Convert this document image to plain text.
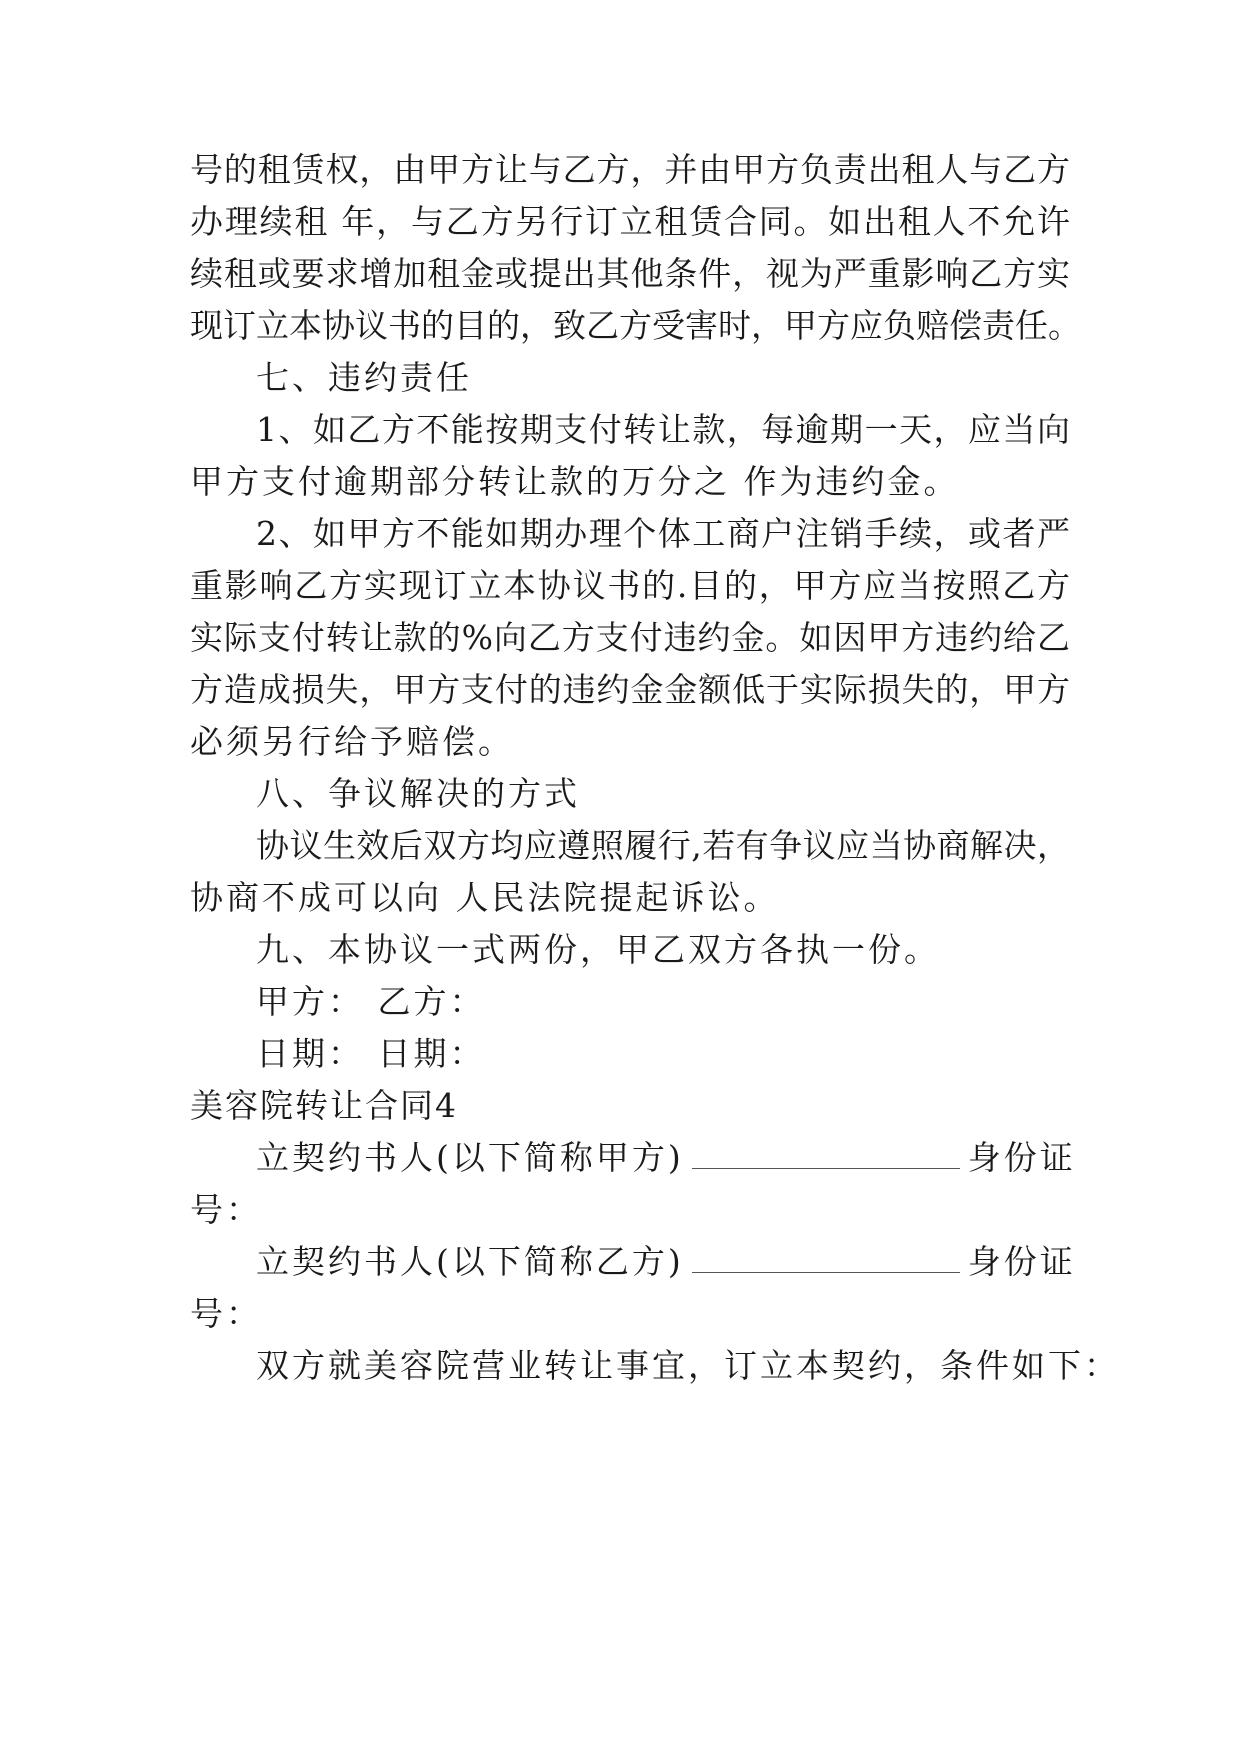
号的租赁权，由甲方让与乙方，并由甲方负责出租人与乙方
办理续租 年，与乙方另行订立租赁合同。如出租人不允许
续租或要求增加租金或提出其他条件，视为严重影响乙方实
现订立本协议书的目的，致乙方受害时，甲方应负赔偿责任。
七、违约责任
1、如乙方不能按期支付转让款，每逾期一天，应当向
甲方支付逾期部分转让款的万分之 作为违约金。
2、如甲方不能如期办理个体工商户注销手续，或者严
重影响乙方实现订立本协议书的.目的，甲方应当按照乙方
实际支付转让款的%向乙方支付违约金。如因甲方违约给乙
方造成损失，甲方支付的违约金金额低于实际损失的，甲方
必须另行给予赔偿。
八、争议解决的方式
协议生效后双方均应遵照履行,若有争议应当协商解决，
协商不成可以向 人民法院提起诉讼。
九、本协议一式两份，甲乙双方各执一份。
甲方： 乙方：
日期： 日期：
美容院转让合同4
立契约书人(以下简称甲方)	身份证
号：
立契约书人(以下简称乙方)	身份证
号：
双方就美容院营业转让事宜，订立本契约，条件如下：
